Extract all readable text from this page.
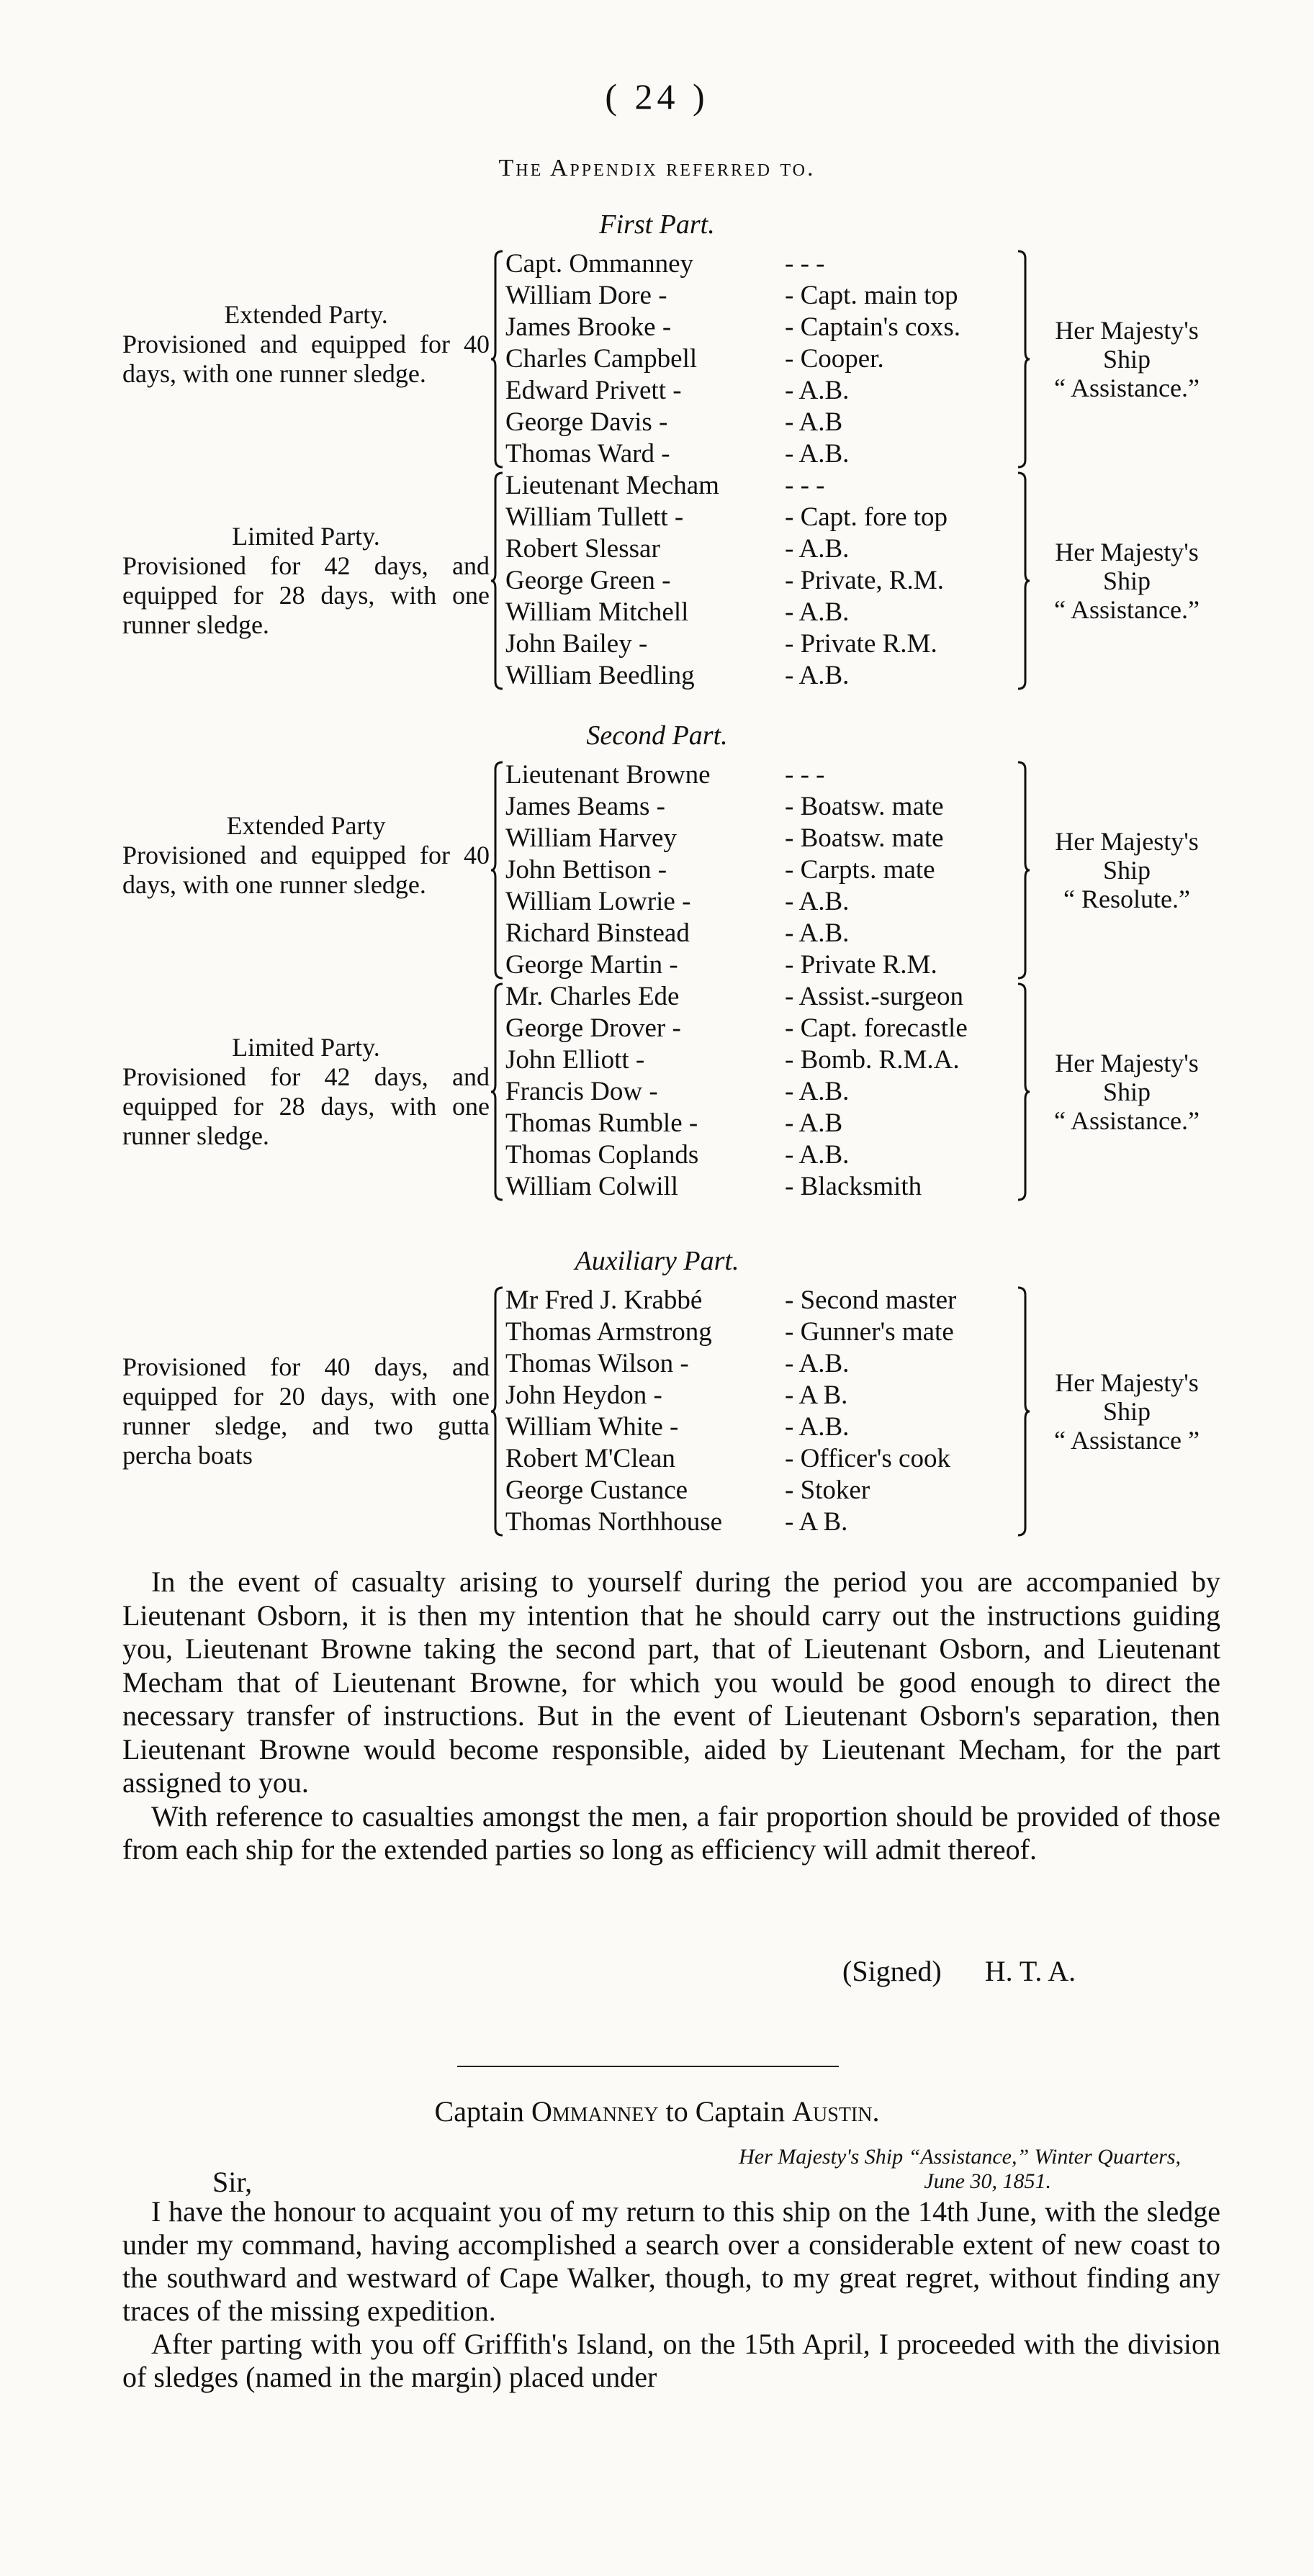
( 24 )
The Appendix referred to.
First Part.
Extended Party.
Provisioned and equipped for 40 days, with one runner sledge.
Capt. Ommanney	- - -
William Dore -	- Capt. main top
James Brooke -	- Captain's coxs.
Charles Campbell	- Cooper.
Edward Privett -	- A.B.
George Davis -	- A.B
Thomas Ward -	- A.B.
Her Majesty's
Ship
“ Assistance.”
Limited Party.
Provisioned for 42 days, and equipped for 28 days, with one runner sledge.
Lieutenant Mecham - - -
William Tullett -	- Capt. fore top
Robert Slessar	- A.B.
George Green -	- Private, R.M.
William Mitchell	- A.B.
John Bailey -	- Private R.M.
William Beedling	- A.B.
Her Majesty's
Ship
“ Assistance.”
Second Part.
Extended Party
Provisioned and equipped for 40 days, with one runner sledge.
Lieutenant Browne	- - -
James Beams -	- Boatsw. mate
William Harvey	- Boatsw. mate
John Bettison -	- Carpts. mate
William Lowrie -	- A.B.
Richard Binstead	- A.B.
George Martin -	- Private R.M.
Her Majesty's
Ship
“ Resolute.”
Limited Party.
Provisioned for 42 days, and equipped for 28 days, with one runner sledge.
Mr. Charles Ede	- Assist.-surgeon
George Drover -	- Capt. forecastle
John Elliott -	- Bomb. R.M.A.
Francis Dow -	- A.B.
Thomas Rumble -	- A.B
Thomas Coplands	- A.B.
William Colwill	- Blacksmith
Her Majesty's
Ship
“ Assistance.”
Auxiliary Part.
Provisioned for 40 days, and equipped for 20 days, with one runner sledge, and two gutta percha boats
Mr Fred J. Krabbé	- Second master
Thomas Armstrong	- Gunner's mate
Thomas Wilson -	- A.B.
John Heydon -	- A B.
William White -	- A.B.
Robert M'Clean	- Officer's cook
George Custance	- Stoker
Thomas Northhouse - A B.
Her Majesty's
Ship
“ Assistance ”

In the event of casualty arising to yourself during the period you are accompanied by Lieutenant Osborn, it is then my intention that he should carry out the instructions guiding you, Lieutenant Browne taking the second part, that of Lieutenant Osborn, and Lieutenant Mecham that of Lieutenant Browne, for which you would be good enough to direct the necessary transfer of instructions. But in the event of Lieutenant Osborn's separation, then Lieutenant Browne would become responsible, aided by Lieutenant Mecham, for the part assigned to you.

With reference to casualties amongst the men, a fair proportion should be provided of those from each ship for the extended parties so long as efficiency will admit thereof.

(Signed) H. T. A.
Captain Ommanney to Captain Austin.
Her Majesty's Ship “Assistance,” Winter Quarters,
June 30, 1851.
Sir,

I have the honour to acquaint you of my return to this ship on the 14th June, with the sledge under my command, having accomplished a search over a considerable extent of new coast to the southward and westward of Cape Walker, though, to my great regret, without finding any traces of the missing expedition.

After parting with you off Griffith's Island, on the 15th April, I proceeded with the division of sledges (named in the margin) placed under
